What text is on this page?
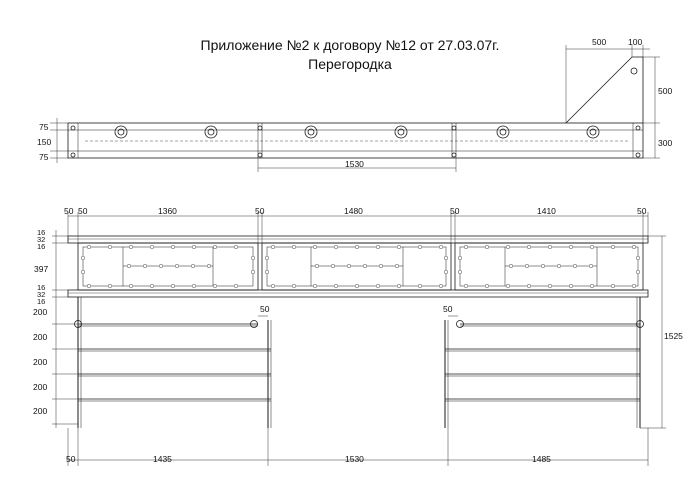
Приложение №2 к договору №12 от 27.03.07г.
Перегородка
75
150
75
1530
500	100
500
300
50 50	1360	50	1480	50	1410	50
16
32
16
397
16
32
16
200
200
200
200
200
50	50
1525
50	1435	1530	1485
